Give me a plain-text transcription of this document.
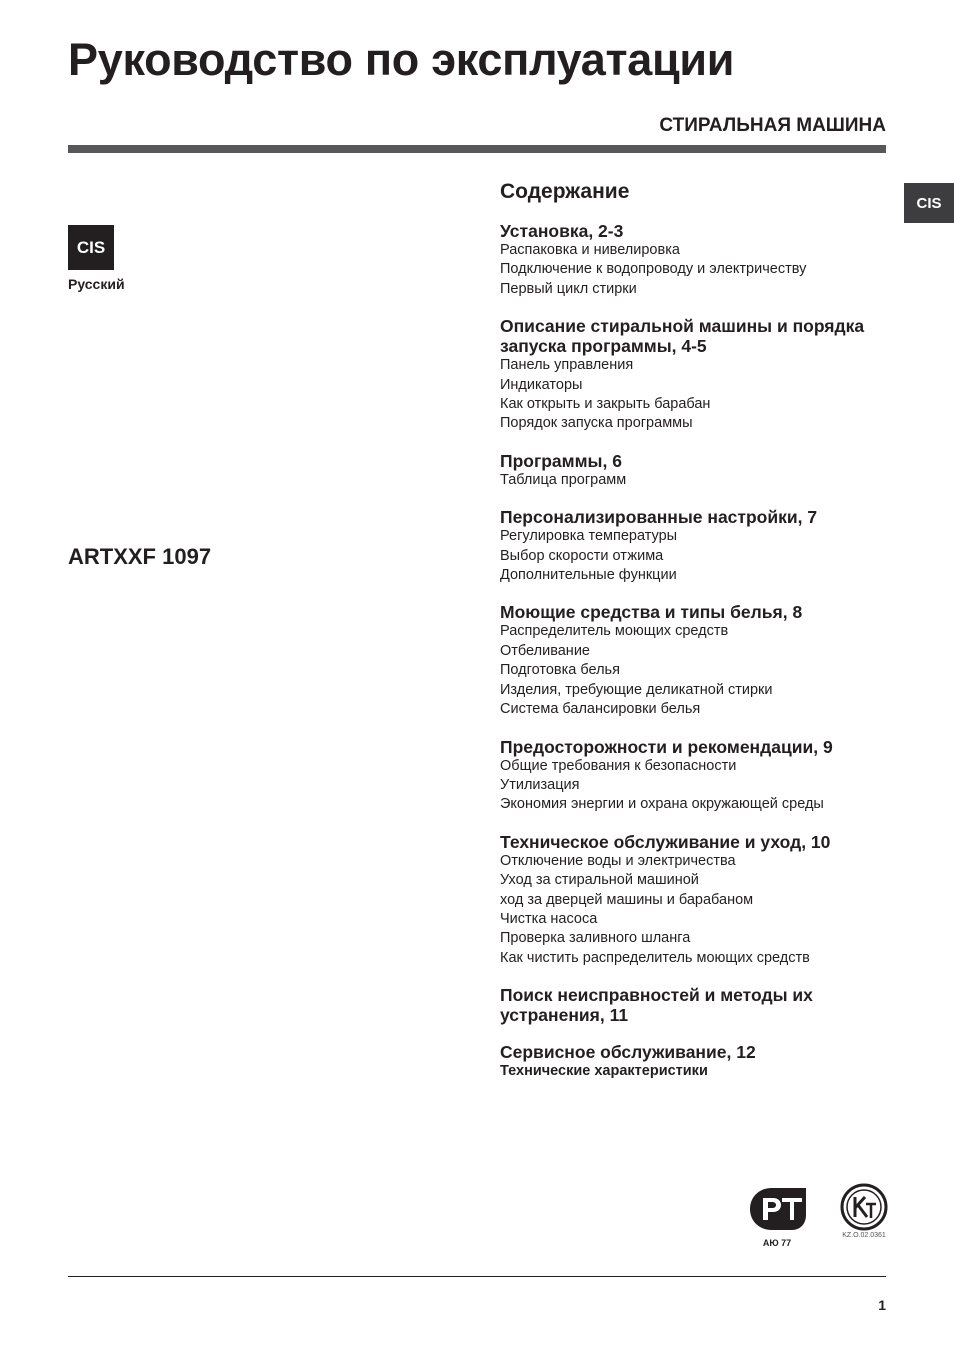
Руководство по эксплуатации
СТИРАЛЬНАЯ МАШИНА
CIS
CIS
Русский
ARTXXF 1097
Содержание
Установка, 2-3
Распаковка и нивелировка
Подключение к водопроводу и электричеству
Первый цикл стирки
Описание стиральной машины и порядка запуска программы, 4-5
Панель управления
Индикаторы
Как открыть и закрыть барабан
Порядок запуска программы
Программы, 6
Таблица программ
Персонализированные настройки, 7
Регулировка температуры
Выбор скорости отжима
Дополнительные функции
Моющие средства и типы белья, 8
Распределитель моющих средств
Отбеливание
Подготовка белья
Изделия, требующие деликатной стирки
Система балансировки белья
Предосторожности и рекомендации, 9
Общие требования к безопасности
Утилизация
Экономия энергии и охрана окружающей среды
Техническое обслуживание и уход, 10
Отключение воды и электричества
Уход за стиральной машиной
ход за дверцей машины и барабаном
Чистка насоса
Проверка заливного шланга
Как чистить распределитель моющих средств
Поиск неисправностей и методы их устранения, 11
Сервисное обслуживание, 12
Технические характеристики
АЮ 77
KZ.O.02.0361
1
